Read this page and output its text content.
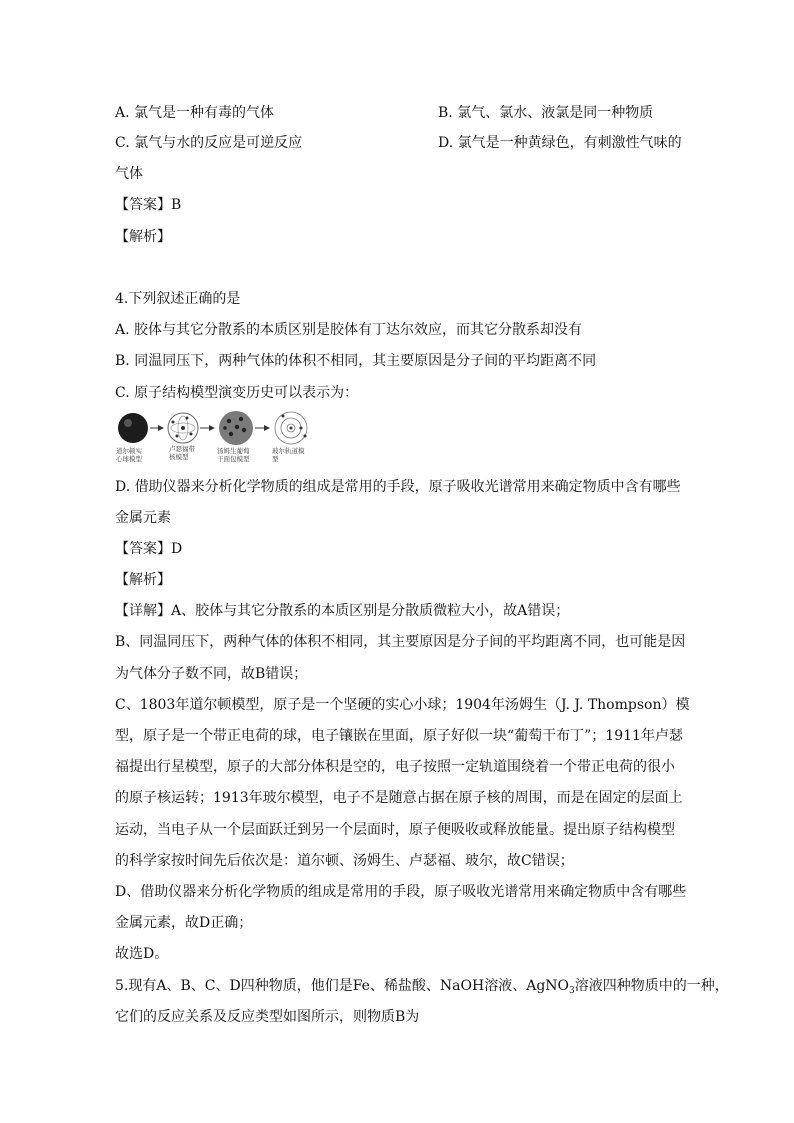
A. 氯气是一种有毒的气体	B. 氯气、氯水、液氯是同一种物质
C. 氯气与水的反应是可逆反应	D. 氯气是一种黄绿色，有刺激性气味的
气体
【答案】B
【解析】
4.下列叙述正确的是
A. 胶体与其它分散系的本质区别是胶体有丁达尔效应，而其它分散系却没有
B. 同温同压下，两种气体的体积不相同，其主要原因是分子间的平均距离不同
C. 原子结构模型演变历史可以表示为：
道尔顿实
心球模型
卢瑟福带
核模型
汤姆生葡萄
干面包模型
玻尔轨道模
型
D. 借助仪器来分析化学物质的组成是常用的手段，原子吸收光谱常用来确定物质中含有哪些
金属元素
【答案】D
【解析】
【详解】A、胶体与其它分散系的本质区别是分散质微粒大小，故A错误；
B、同温同压下，两种气体的体积不相同，其主要原因是分子间的平均距离不同，也可能是因
为气体分子数不同，故B错误；
C、1803年道尔顿模型，原子是一个坚硬的实心小球；1904年汤姆生（J. J. Thompson）模
型，原子是一个带正电荷的球，电子镶嵌在里面，原子好似一块“葡萄干布丁”；1911年卢瑟
福提出行星模型，原子的大部分体积是空的，电子按照一定轨道围绕着一个带正电荷的很小
的原子核运转；1913年玻尔模型，电子不是随意占据在原子核的周围，而是在固定的层面上
运动，当电子从一个层面跃迁到另一个层面时，原子便吸收或释放能量。提出原子结构模型
的科学家按时间先后依次是：道尔顿、汤姆生、卢瑟福、玻尔，故C错误；
D、借助仪器来分析化学物质的组成是常用的手段，原子吸收光谱常用来确定物质中含有哪些
金属元素，故D正确；
故选D。
5.现有A、B、C、D四种物质，他们是Fe、稀盐酸、NaOH溶液、AgNO$_3$溶液四种物质中的一种，
它们的反应关系及反应类型如图所示，则物质B为
